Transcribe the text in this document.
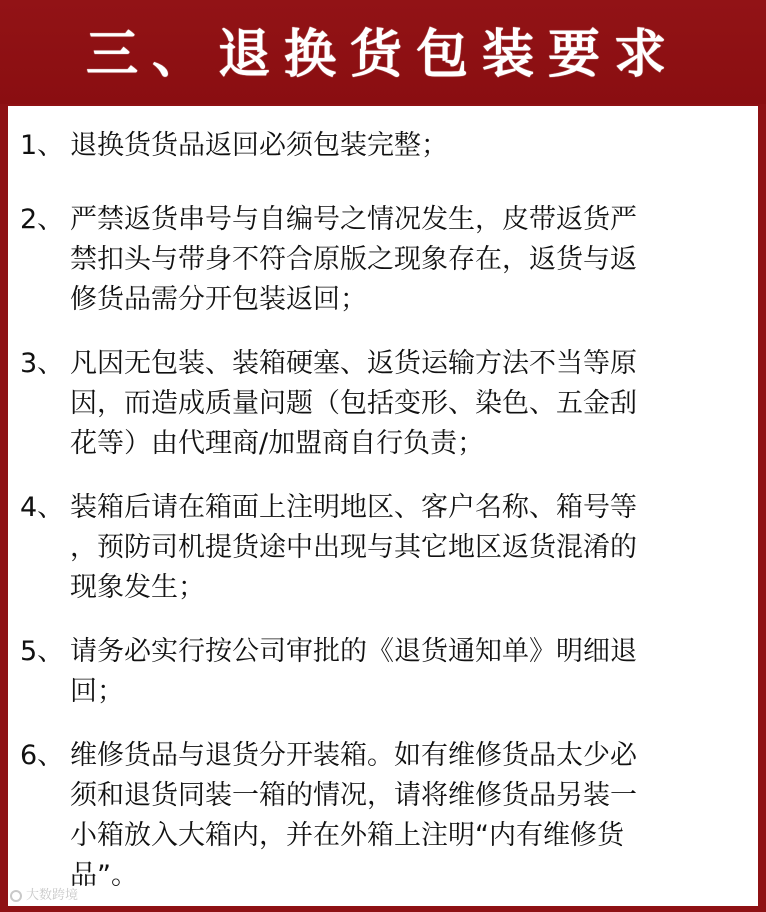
三、退换货包装要求
1、 退换货货品返回必须包装完整；
2、 严禁返货串号与自编号之情况发生，皮带返货严
禁扣头与带身不符合原版之现象存在，返货与返
修货品需分开包装返回；
3、 凡因无包装、装箱硬塞、返货运输方法不当等原
因，而造成质量问题（包括变形、染色、五金刮
花等）由代理商/加盟商自行负责；
4、 装箱后请在箱面上注明地区、客户名称、箱号等
，预防司机提货途中出现与其它地区返货混淆的
现象发生；
5、 请务必实行按公司审批的《退货通知单》明细退
回；
6、 维修货品与退货分开装箱。如有维修货品太少必
须和退货同装一箱的情况，请将维修货品另装一
小箱放入大箱内，并在外箱上注明“内有维修货
品”。
大数跨境
